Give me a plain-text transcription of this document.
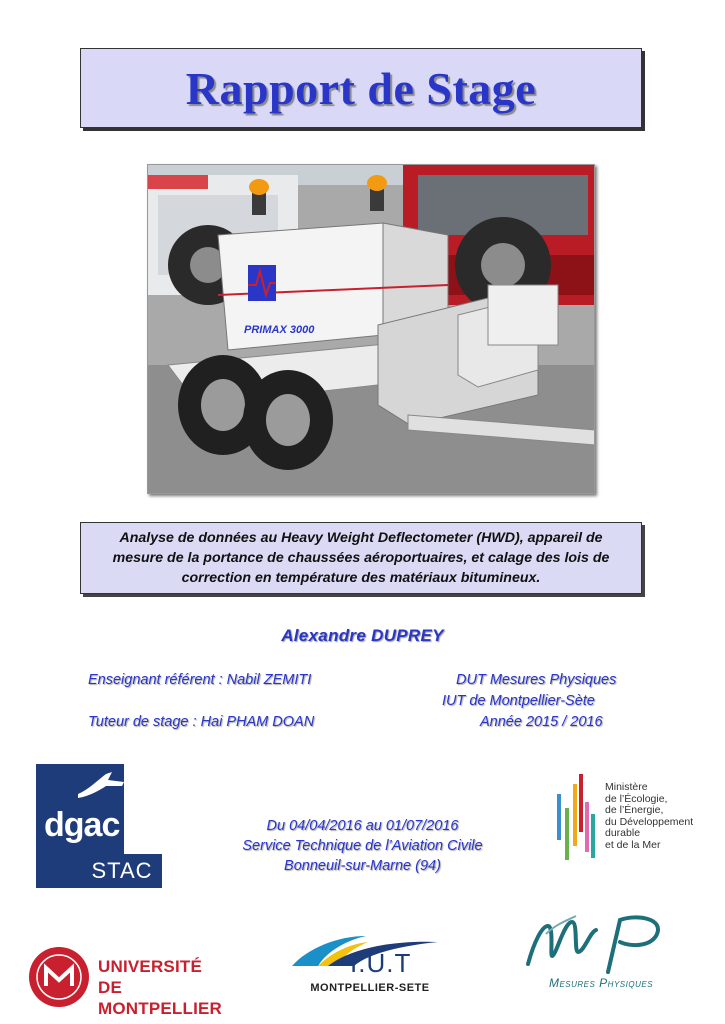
Rapport de Stage
PRIMAX 3000
Analyse de données au Heavy Weight Deflectometer (HWD), appareil de
mesure de la portance de chaussées aéroportuaires, et calage des lois de
correction en température des matériaux bitumineux.
Alexandre DUPREY
Enseignant référent : Nabil ZEMITI
Tuteur de stage : Hai PHAM DOAN
DUT Mesures Physiques
IUT de Montpellier-Sète
Année 2015 / 2016
Du 04/04/2016 au 01/07/2016
Service Technique de l’Aviation Civile
Bonneuil-sur-Marne (94)
dgac
STAC
Ministère
de l’Écologie,
de l’Énergie,
du Développement
durable
et de la Mer
UNIVERSITÉ
DE MONTPELLIER
I.U.T
MONTPELLIER-SETE	Mesures Physiques
